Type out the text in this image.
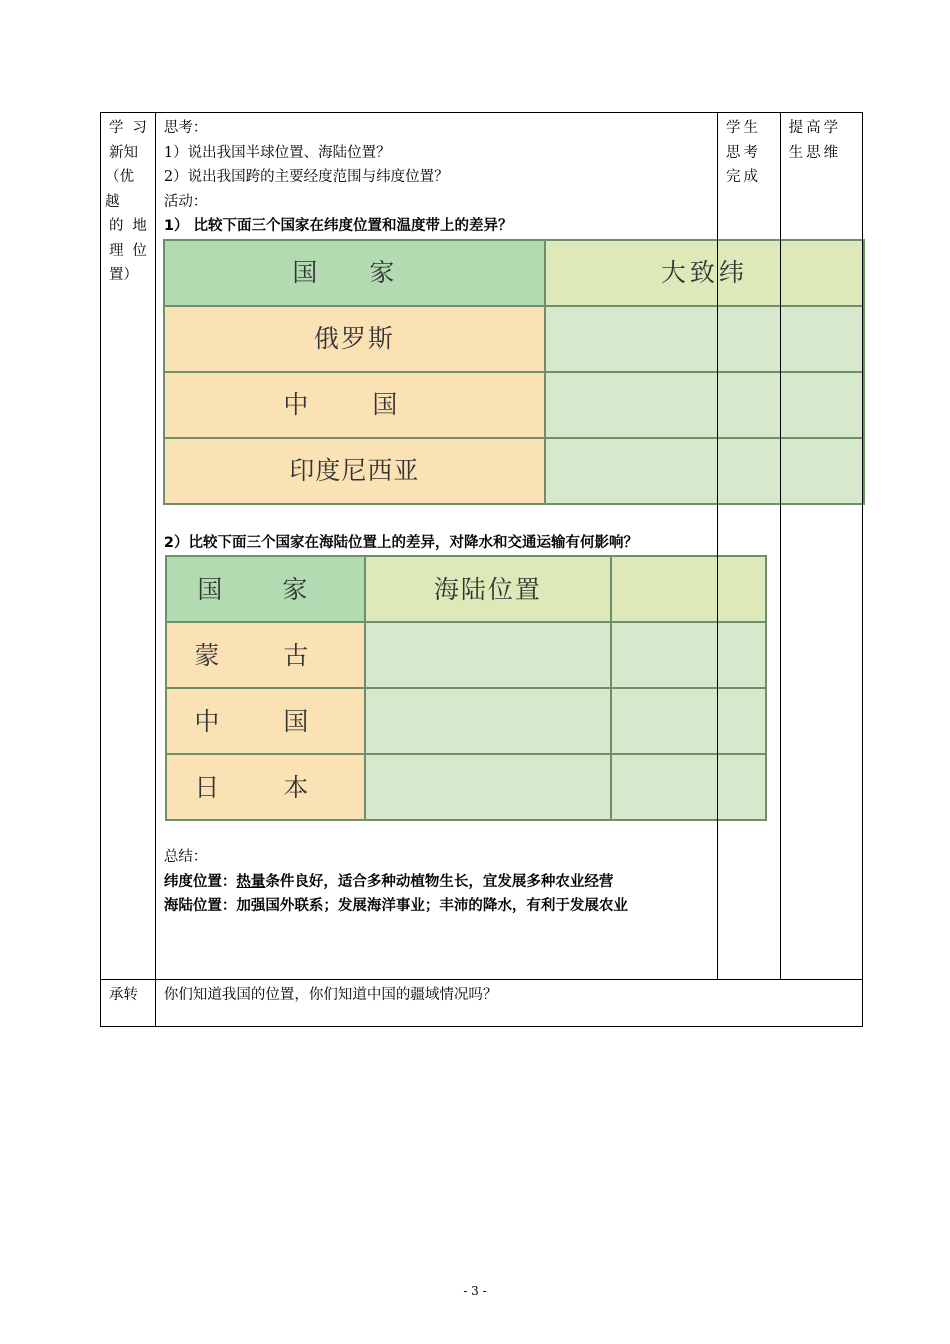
学 习
新知
（优越
的 地
理 位
置）

思考：
1）说出我国半球位置、海陆位置？
2）说出我国跨的主要经度范围与纬度位置？
活动：
1） 比较下面三个国家在纬度位置和温度带上的差异？
国 家	大致纬
俄罗斯	
中 国	
印度尼西亚	
2）比较下面三个国家在海陆位置上的差异，对降水和交通运输有何影响？
国 家	海陆位置	
蒙 古		
中 国		
日 本		
总结：
纬度位置：热量条件良好，适合多种动植物生长，宜发展多种农业经营
海陆位置：加强国外联系；发展海洋事业；丰沛的降水，有利于发展农业

学生思考完成

提高学生思维

承转	你们知道我国的位置，你们知道中国的疆域情况吗？
- 3 -
